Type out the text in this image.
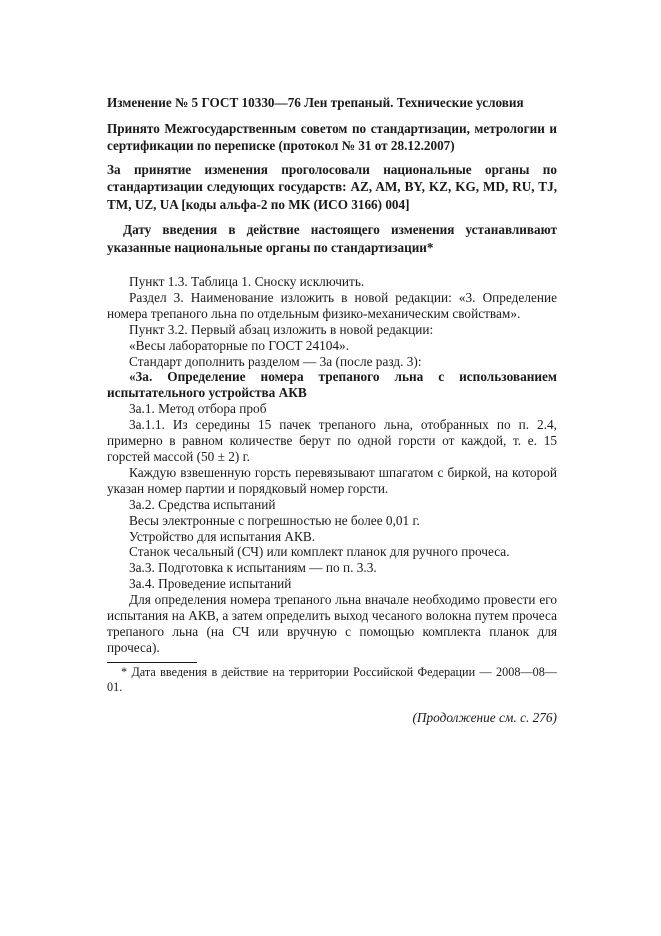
Изменение № 5 ГОСТ 10330—76 Лен трепаный. Технические условия

Принято Межгосударственным советом по стандартизации, метрологии и сертификации по переписке (протокол № 31 от 28.12.2007)

За принятие изменения проголосовали национальные органы по стандартизации следующих государств: AZ, AM, BY, KZ, KG, MD, RU, TJ, TM, UZ, UA [коды альфа-2 по МК (ИСО 3166) 004]

Дату введения в действие настоящего изменения устанавливают указанные национальные органы по стандартизации*

Пункт 1.3. Таблица 1. Сноску исключить.

Раздел 3. Наименование изложить в новой редакции: «3. Определение номера трепаного льна по отдельным физико-механическим свойствам».

Пункт 3.2. Первый абзац изложить в новой редакции:

«Весы лабораторные по ГОСТ 24104».

Стандарт дополнить разделом — 3а (после разд. 3):

«3а. Определение номера трепаного льна с использованием испытательного устройства АКВ

3а.1. Метод отбора проб

3а.1.1. Из середины 15 пачек трепаного льна, отобранных по п. 2.4, примерно в равном количестве берут по одной горсти от каждой, т. е. 15 горстей массой (50 ± 2) г.

Каждую взвешенную горсть перевязывают шпагатом с биркой, на которой указан номер партии и порядковый номер горсти.

3а.2. Средства испытаний

Весы электронные с погрешностью не более 0,01 г.

Устройство для испытания АКВ.

Станок чесальный (СЧ) или комплект планок для ручного прочеса.

3а.3. Подготовка к испытаниям — по п. 3.3.

3а.4. Проведение испытаний

Для определения номера трепаного льна вначале необходимо провести его испытания на АКВ, а затем определить выход чесаного волокна путем прочеса трепаного льна (на СЧ или вручную с помощью комплекта планок для прочеса).

* Дата введения в действие на территории Российской Федерации — 2008—08—01.

(Продолжение см. с. 276)
